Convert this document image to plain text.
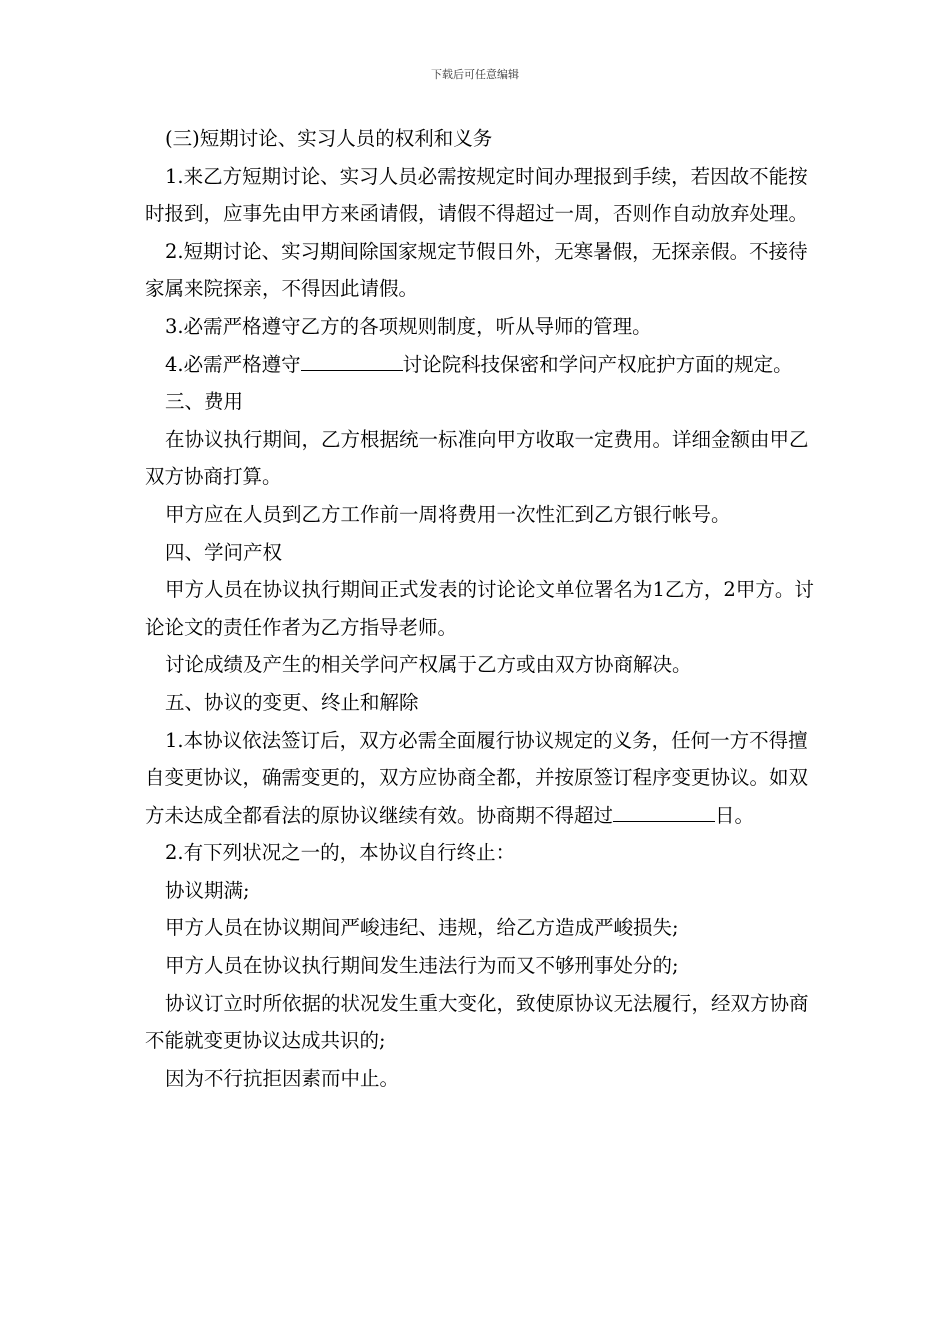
下载后可任意编辑

(三)短期讨论、实习人员的权利和义务

1.来乙方短期讨论、实习人员必需按规定时间办理报到手续，若因故不能按时报到，应事先由甲方来函请假，请假不得超过一周，否则作自动放弃处理。

2.短期讨论、实习期间除国家规定节假日外，无寒暑假，无探亲假。不接待家属来院探亲，不得因此请假。

3.必需严格遵守乙方的各项规则制度，听从导师的管理。

4.必需严格遵守	讨论院科技保密和学问产权庇护方面的规定。

三、费用

在协议执行期间，乙方根据统一标准向甲方收取一定费用。详细金额由甲乙双方协商打算。

甲方应在人员到乙方工作前一周将费用一次性汇到乙方银行帐号。

四、学问产权

甲方人员在协议执行期间正式发表的讨论论文单位署名为1乙方，2甲方。讨论论文的责任作者为乙方指导老师。

讨论成绩及产生的相关学问产权属于乙方或由双方协商解决。

五、协议的变更、终止和解除

1.本协议依法签订后，双方必需全面履行协议规定的义务，任何一方不得擅自变更协议，确需变更的，双方应协商全都，并按原签订程序变更协议。如双方未达成全都看法的原协议继续有效。协商期不得超过	日。

2.有下列状况之一的，本协议自行终止：

协议期满;

甲方人员在协议期间严峻违纪、违规，给乙方造成严峻损失;

甲方人员在协议执行期间发生违法行为而又不够刑事处分的;

协议订立时所依据的状况发生重大变化，致使原协议无法履行，经双方协商不能就变更协议达成共识的;

因为不行抗拒因素而中止。
